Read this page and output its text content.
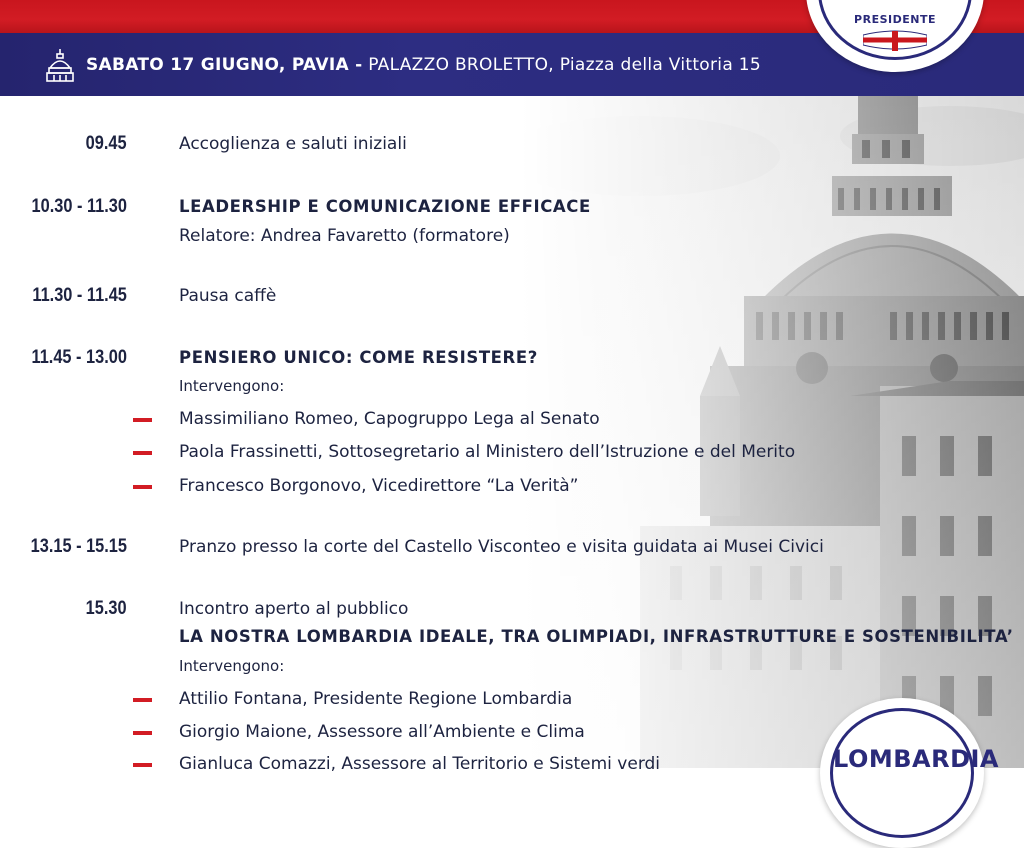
SABATO 17 GIUGNO, PAVIA - PALAZZO BROLETTO, Piazza della Vittoria 15
PRESIDENTE
LOMBARDIA
09.45	Accoglienza e saluti iniziali
10.30 - 11.30	LEADERSHIP E COMUNICAZIONE EFFICACE
Relatore: Andrea Favaretto (formatore)
11.30 - 11.45	Pausa caffè
11.45 - 13.00	PENSIERO UNICO: COME RESISTERE?
Intervengono:
Massimiliano Romeo, Capogruppo Lega al Senato
Paola Frassinetti, Sottosegretario al Ministero dell’Istruzione e del Merito
Francesco Borgonovo, Vicedirettore “La Verità”
13.15 - 15.15	Pranzo presso la corte del Castello Visconteo e visita guidata ai Musei Civici
15.30	Incontro aperto al pubblico
LA NOSTRA LOMBARDIA IDEALE, TRA OLIMPIADI, INFRASTRUTTURE E SOSTENIBILITA’
Intervengono:
Attilio Fontana, Presidente Regione Lombardia
Giorgio Maione, Assessore all’Ambiente e Clima
Gianluca Comazzi, Assessore al Territorio e Sistemi verdi
